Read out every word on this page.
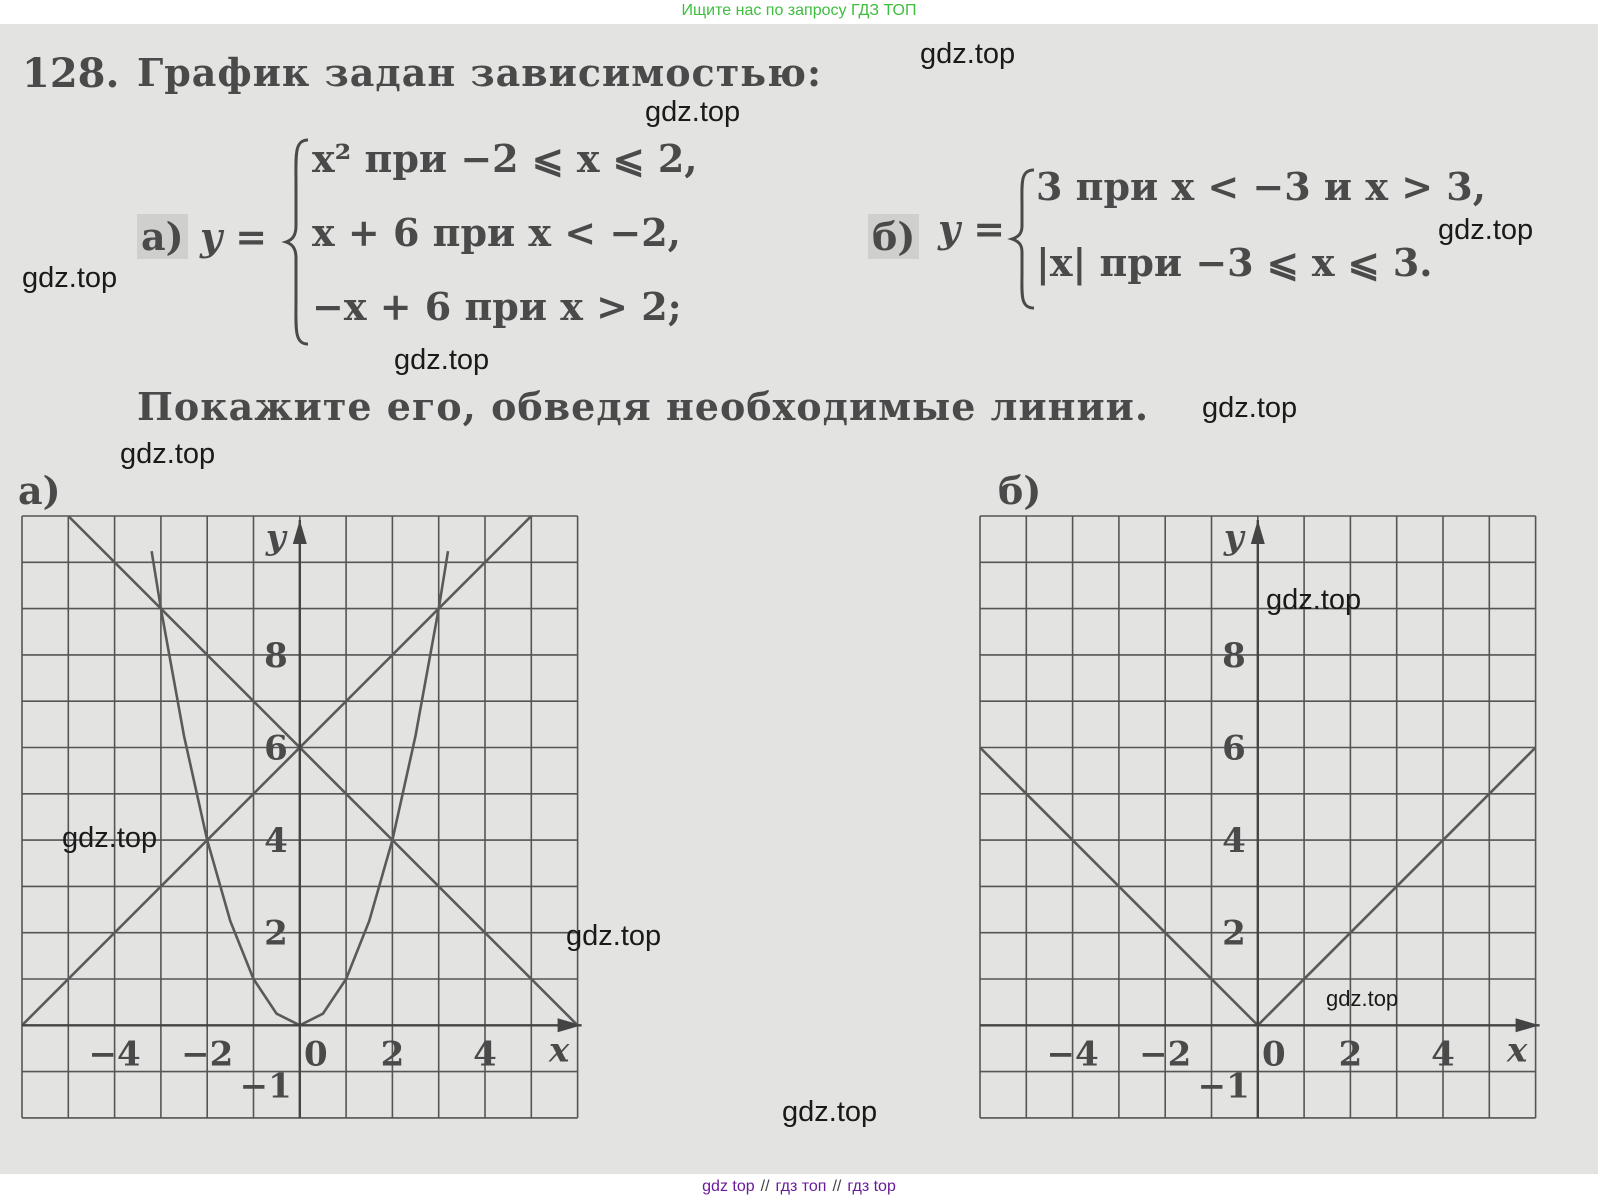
Ищите нас по запросу ГДЗ ТОП
128. График задан зависимостью:
а) y =
x² при −2 ⩽ x ⩽ 2,
x + 6 при x < −2,
−x + 6 при x > 2;
б) y =
3 при x < −3 и x > 3,
|x| при −3 ⩽ x ⩽ 3.
Покажите его, обведя необходимые линии.
а)	б)
−4 −2 0 2 4
8
6
4
2
−1
x
y
−4 −2 0 2 4
8
6
4
2
−1
x
y
gdz.top
gdz.top
gdz.top
gdz.top
gdz.top
gdz.top
gdz.top
gdz.top
gdz.top
gdz.top
gdz.top
gdz.top
gdz top // гдз топ // гдз top
